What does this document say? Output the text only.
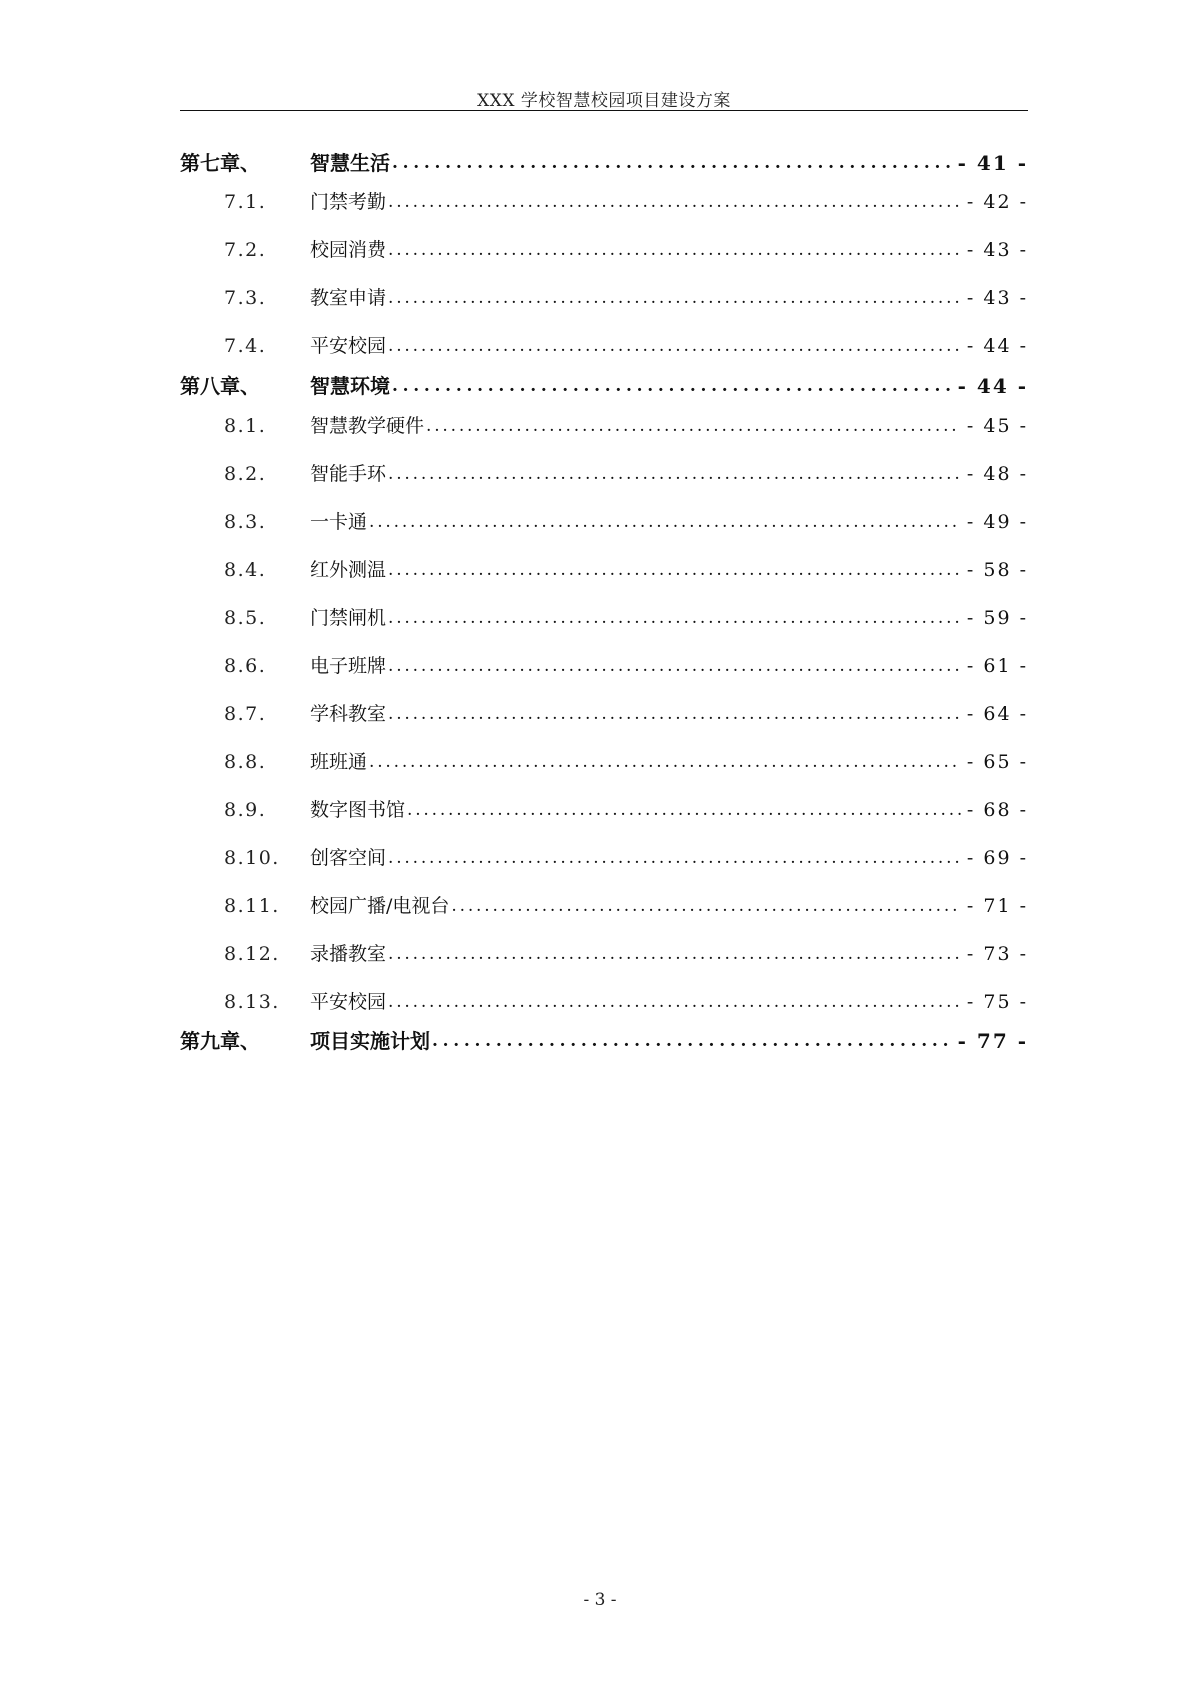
XXX 学校智慧校园项目建设方案
第七章、	智慧生活 . . .	- 41 -
7.1.	门禁考勤 . . .	- 42 -
7.2.	校园消费 . . .	- 43 -
7.3.	教室申请 . . .	- 43 -
7.4.	平安校园 . . .	- 44 -
第八章、	智慧环境 . . .	- 44 -
8.1.	智慧教学硬件 . . .	- 45 -
8.2.	智能手环 . . .	- 48 -
8.3.	一卡通 . . .	- 49 -
8.4.	红外测温 . . .	- 58 -
8.5.	门禁闸机 . . .	- 59 -
8.6.	电子班牌 . . .	- 61 -
8.7.	学科教室 . . .	- 64 -
8.8.	班班通 . . .	- 65 -
8.9.	数字图书馆 . . .	- 68 -
8.10.	创客空间 . . .	- 69 -
8.11.	校园广播/电视台 . . .	- 71 -
8.12.	录播教室 . . .	- 73 -
8.13.	平安校园 . . .	- 75 -
第九章、	项目实施计划 . . .	- 77 -
- 3 -
